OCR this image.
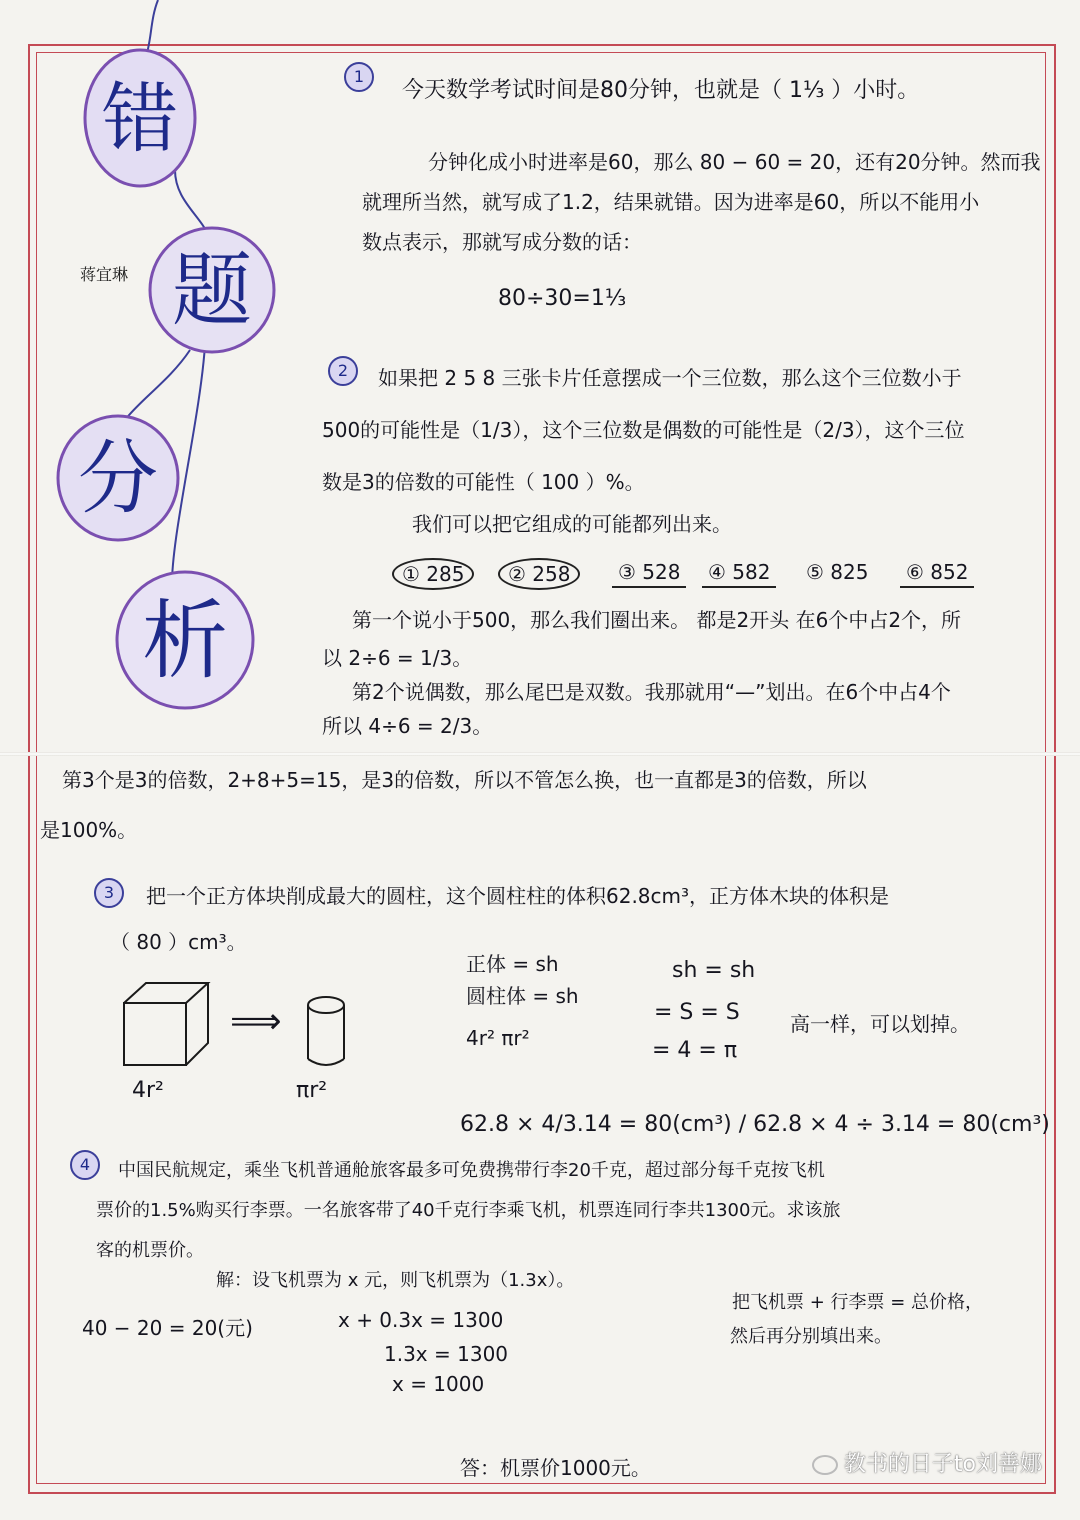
错
题
分
析
蒋宜琳
1
今天数学考试时间是80分钟，也就是（ 1⅓ ）小时。
分钟化成小时进率是60，那么 80 − 60 = 20，还有20分钟。然而我
就理所当然，就写成了1.2，结果就错。因为进率是60，所以不能用小
数点表示，那就写成分数的话：
80÷30=1⅓
2	如果把 2 5 8 三张卡片任意摆成一个三位数，那么这个三位数小于
500的可能性是（1/3），这个三位数是偶数的可能性是（2/3），这个三位
数是3的倍数的可能性（ 100 ）%。
我们可以把它组成的可能都列出来。
① 285	② 258	③ 528	④ 582	⑤ 825	⑥ 852
第一个说小于500，那么我们圈出来。 都是2开头 在6个中占2个，所
以 2÷6 = 1/3。
第2个说偶数，那么尾巴是双数。我那就用“—”划出。在6个中占4个
所以 4÷6 = 2/3。
第3个是3的倍数，2+8+5=15，是3的倍数，所以不管怎么换，也一直都是3的倍数，所以
是100%。
3	把一个正方体块削成最大的圆柱，这个圆柱柱的体积62.8cm³，正方体木块的体积是
（ 80 ）cm³。
⟹
4r²	πr²
正体 = sh
圆柱体 = sh
4r² πr²
sh = sh
= S = S
= 4 = π
高一样，可以划掉。
62.8 × 4/3.14 = 80(cm³) / 62.8 × 4 ÷ 3.14 = 80(cm³)
4	中国民航规定，乘坐飞机普通舱旅客最多可免费携带行李20千克，超过部分每千克按飞机
票价的1.5%购买行李票。一名旅客带了40千克行李乘飞机，机票连同行李共1300元。求该旅
客的机票价。
解：设飞机票为 x 元，则飞机票为（1.3x）。
40 − 20 = 20(元)	x + 0.3x = 1300
1.3x = 1300
x = 1000
把飞机票 + 行李票 = 总价格，
然后再分别填出来。
答：机票价1000元。	教书的日子to刘善娜
